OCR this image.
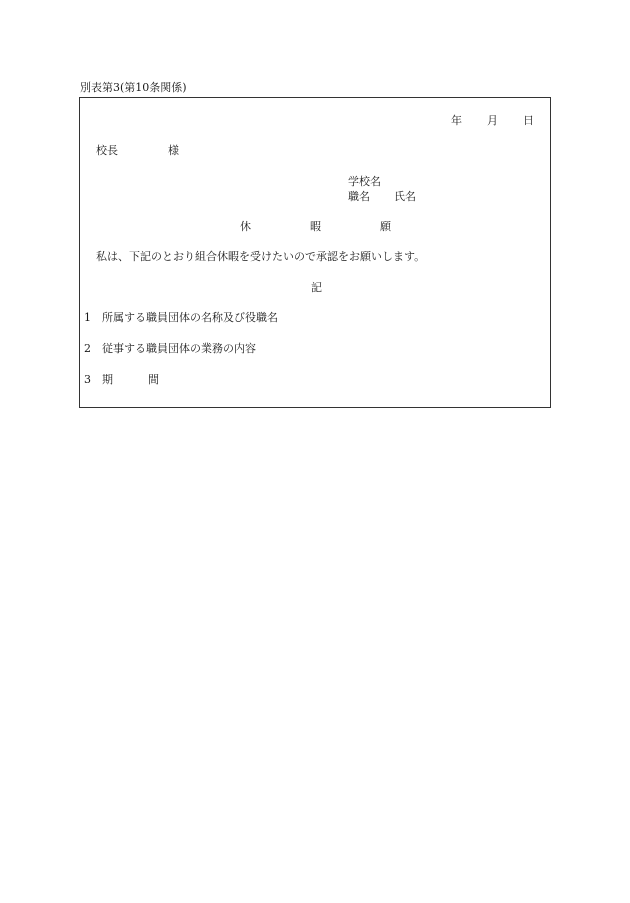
別表第3(第10条関係)
年	月	日
校長	様
学校名
職名 氏名
休	暇	願
私は、下記のとおり組合休暇を受けたいので承認をお願いします。
記
1 所属する職員団体の名称及び役職名
2 従事する職員団体の業務の内容
3 期	間
